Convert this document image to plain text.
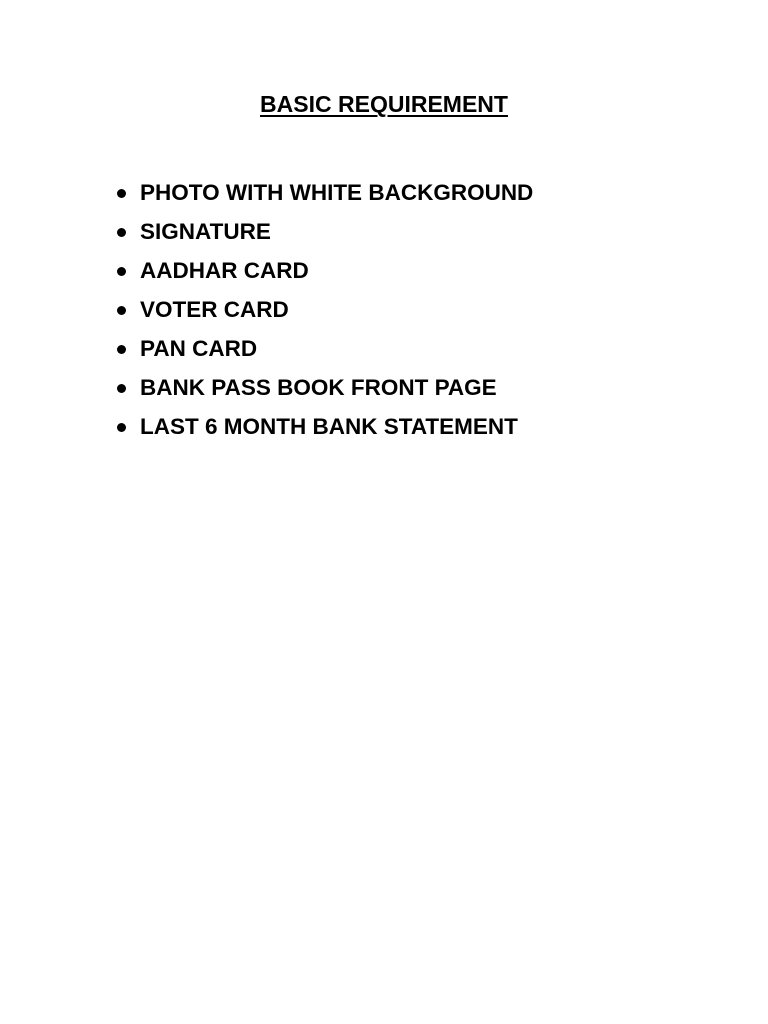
BASIC REQUIREMENT
PHOTO WITH WHITE BACKGROUND
SIGNATURE
AADHAR CARD
VOTER CARD
PAN CARD
BANK PASS BOOK FRONT PAGE
LAST 6 MONTH BANK STATEMENT
